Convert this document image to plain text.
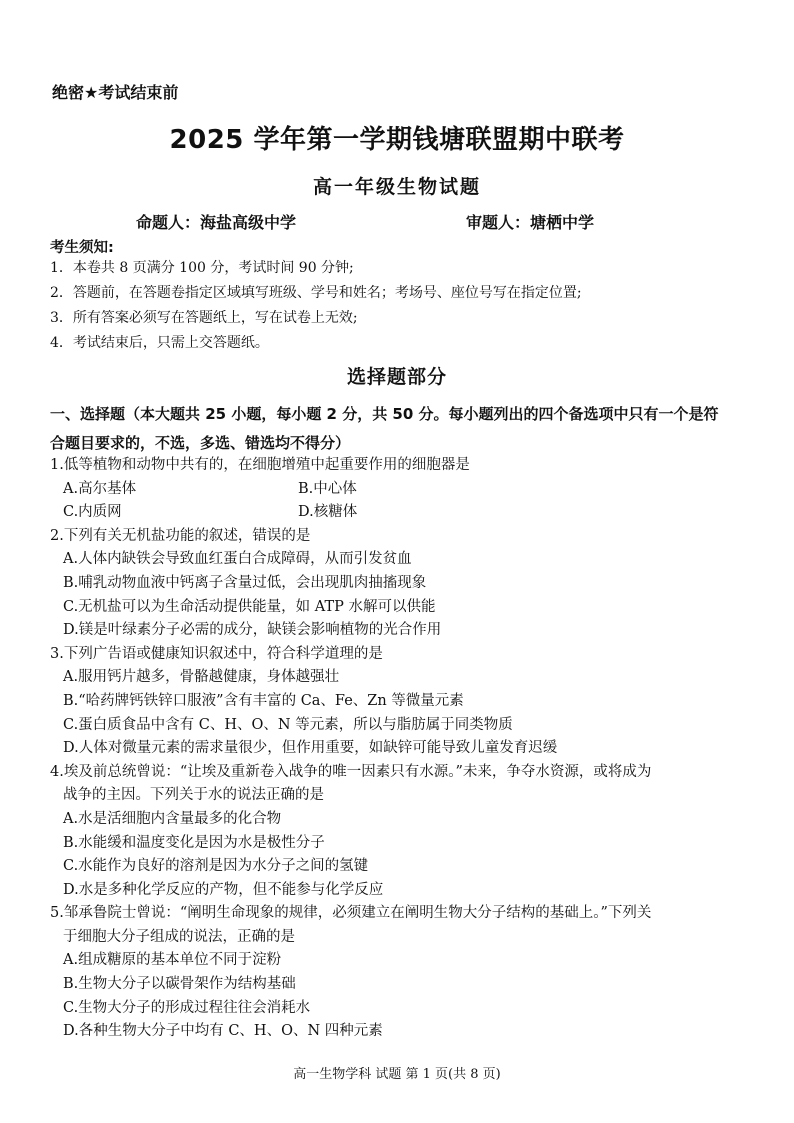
绝密★考试结束前
2025 学年第一学期钱塘联盟期中联考
高一年级生物试题
命题人：海盐高级中学	审题人：塘栖中学
考生须知:
1．本卷共 8 页满分 100 分，考试时间 90 分钟;
2．答题前，在答题卷指定区域填写班级、学号和姓名；考场号、座位号写在指定位置;
3．所有答案必须写在答题纸上，写在试卷上无效;
4．考试结束后，只需上交答题纸。
选择题部分
一、选择题（本大题共 25 小题，每小题 2 分，共 50 分。每小题列出的四个备选项中只有一个是符
合题目要求的，不选，多选、错选均不得分）
1.低等植物和动物中共有的，在细胞增殖中起重要作用的细胞器是
A.高尔基体	B.中心体
C.内质网	D.核糖体
2.下列有关无机盐功能的叙述，错误的是
A.人体内缺铁会导致血红蛋白合成障碍，从而引发贫血
B.哺乳动物血液中钙离子含量过低，会出现肌肉抽搐现象
C.无机盐可以为生命活动提供能量，如 ATP 水解可以供能
D.镁是叶绿素分子必需的成分，缺镁会影响植物的光合作用
3.下列广告语或健康知识叙述中，符合科学道理的是
A.服用钙片越多，骨骼越健康，身体越强壮
B.“哈药牌钙铁锌口服液”含有丰富的 Ca、Fe、Zn 等微量元素
C.蛋白质食品中含有 C、H、O、N 等元素，所以与脂肪属于同类物质
D.人体对微量元素的需求量很少，但作用重要，如缺锌可能导致儿童发育迟缓
4.埃及前总统曾说：“让埃及重新卷入战争的唯一因素只有水源。”未来，争夺水资源，或将成为
战争的主因。下列关于水的说法正确的是
A.水是活细胞内含量最多的化合物
B.水能缓和温度变化是因为水是极性分子
C.水能作为良好的溶剂是因为水分子之间的氢键
D.水是多种化学反应的产物，但不能参与化学反应
5.邹承鲁院士曾说：“阐明生命现象的规律，必须建立在阐明生物大分子结构的基础上。”下列关
于细胞大分子组成的说法，正确的是
A.组成糖原的基本单位不同于淀粉
B.生物大分子以碳骨架作为结构基础
C.生物大分子的形成过程往往会消耗水
D.各种生物大分子中均有 C、H、O、N 四种元素
高一生物学科 试题 第 1 页(共 8 页)
